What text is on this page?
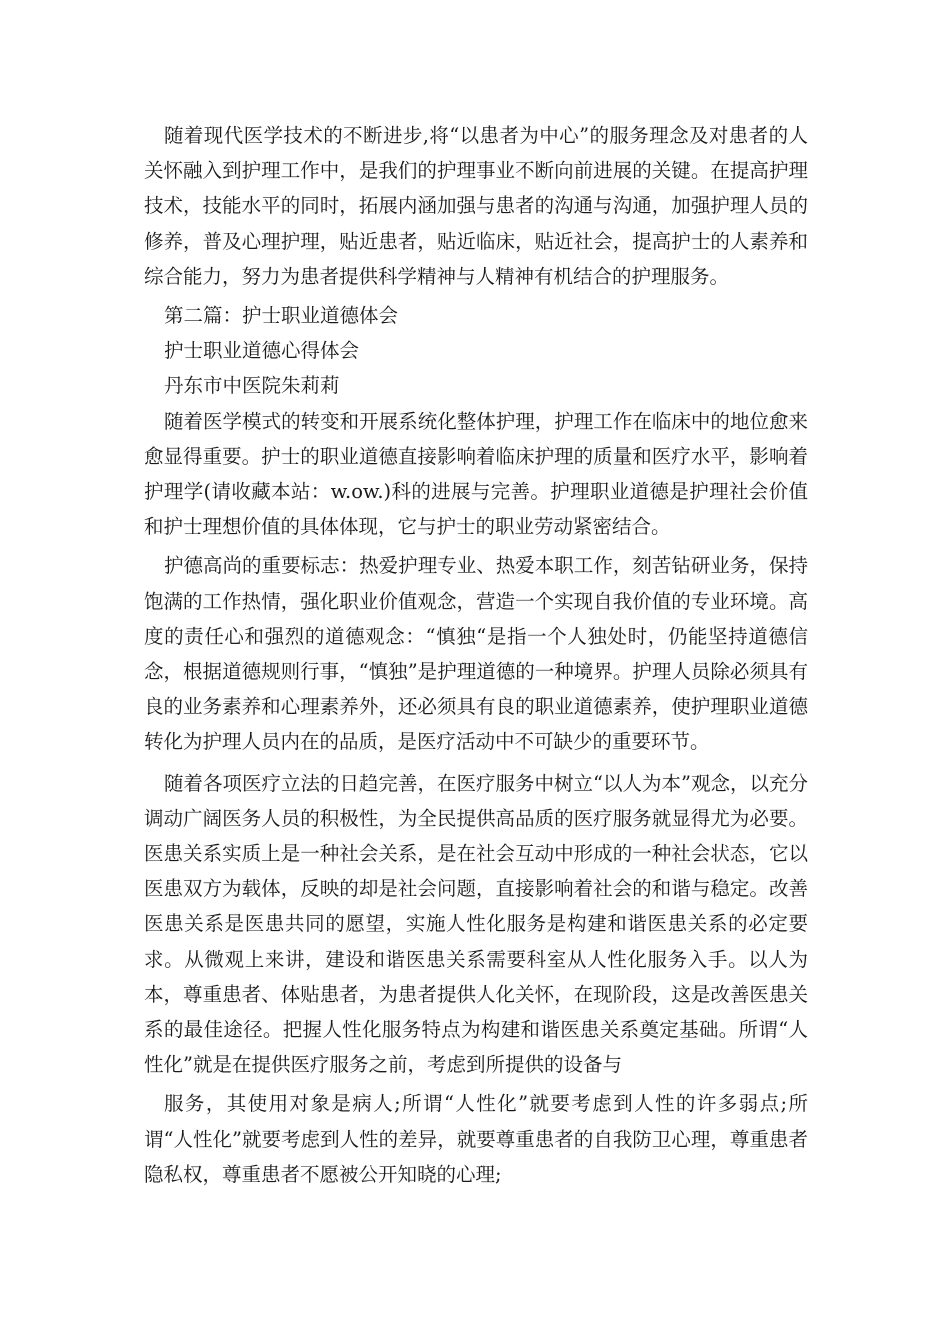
随着现代医学技术的不断进步,将“以患者为中心”的服务理念及对患者的人关怀融入到护理工作中，是我们的护理事业不断向前进展的关键。在提高护理技术，技能水平的同时，拓展内涵加强与患者的沟通与沟通，加强护理人员的修养，普及心理护理，贴近患者，贴近临床，贴近社会，提高护士的人素养和综合能力，努力为患者提供科学精神与人精神有机结合的护理服务。

第二篇：护士职业道德体会

护士职业道德心得体会

丹东市中医院朱莉莉

随着医学模式的转变和开展系统化整体护理，护理工作在临床中的地位愈来愈显得重要。护士的职业道德直接影响着临床护理的质量和医疗水平，影响着护理学(请收藏本站：w.ow.)科的进展与完善。护理职业道德是护理社会价值和护士理想价值的具体体现，它与护士的职业劳动紧密结合。

护德高尚的重要标志：热爱护理专业、热爱本职工作，刻苦钻研业务，保持饱满的工作热情，强化职业价值观念，营造一个实现自我价值的专业环境。高度的责任心和强烈的道德观念：“慎独“是指一个人独处时，仍能坚持道德信念，根据道德规则行事，“慎独”是护理道德的一种境界。护理人员除必须具有良的业务素养和心理素养外，还必须具有良的职业道德素养，使护理职业道德转化为护理人员内在的品质，是医疗活动中不可缺少的重要环节。

随着各项医疗立法的日趋完善，在医疗服务中树立“以人为本”观念，以充分调动广阔医务人员的积极性，为全民提供高品质的医疗服务就显得尤为必要。医患关系实质上是一种社会关系，是在社会互动中形成的一种社会状态，它以医患双方为载体，反映的却是社会问题，直接影响着社会的和谐与稳定。改善医患关系是医患共同的愿望，实施人性化服务是构建和谐医患关系的必定要求。从微观上来讲，建设和谐医患关系需要科室从人性化服务入手。以人为本，尊重患者、体贴患者，为患者提供人化关怀，在现阶段，这是改善医患关系的最佳途径。把握人性化服务特点为构建和谐医患关系奠定基础。所谓“人性化”就是在提供医疗服务之前，考虑到所提供的设备与

服务，其使用对象是病人;所谓“人性化”就要考虑到人性的许多弱点;所谓“人性化”就要考虑到人性的差异，就要尊重患者的自我防卫心理，尊重患者隐私权，尊重患者不愿被公开知晓的心理;
